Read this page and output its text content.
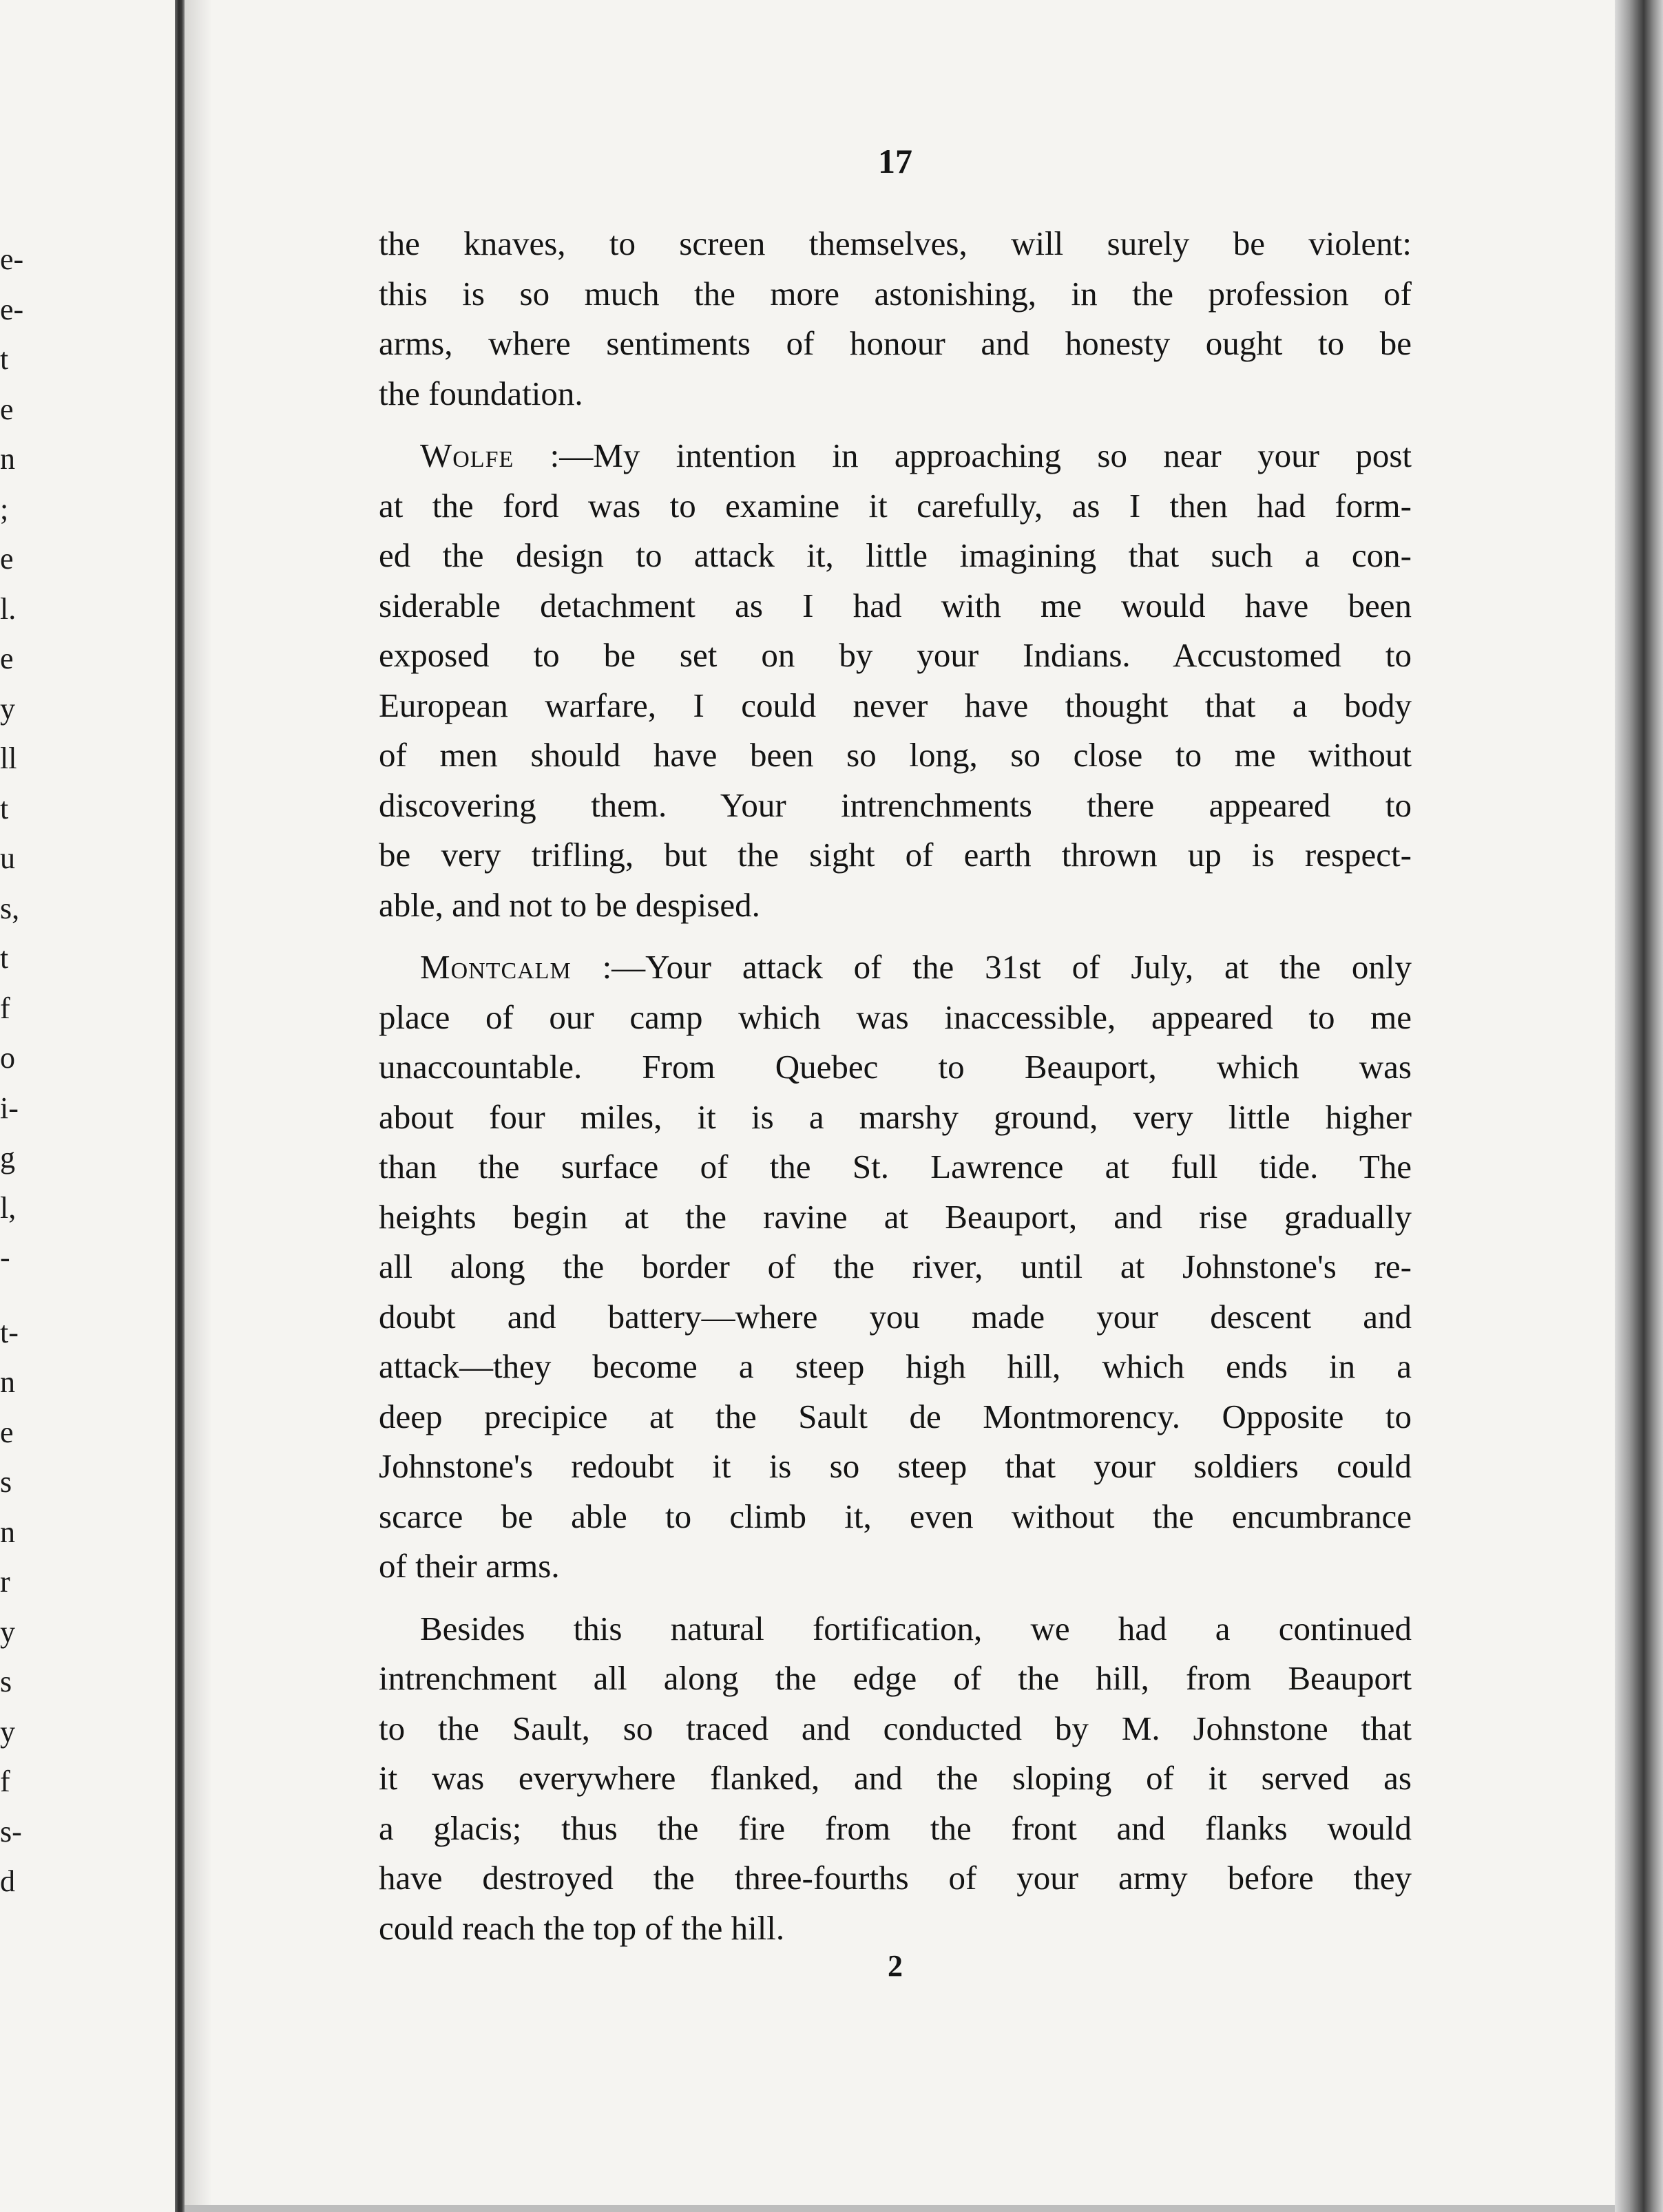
e-
e-
t
e
n
;
e
l.
e
y
ll
t
u
s,
t
f
o
i-
g
l,
-
t-
n
e
s
n
r
y
s
y
f
s-
d
17
the knaves, to screen themselves, will surely be violent:
this is so much the more astonishing, in the profession of
arms, where sentiments of honour and honesty ought to be
the foundation.
Wolfe :—My intention in approaching so near your post
at the ford was to examine it carefully, as I then had form-
ed the design to attack it, little imagining that such a con-
siderable detachment as I had with me would have been
exposed to be set on by your Indians. Accustomed to
European warfare, I could never have thought that a body
of men should have been so long, so close to me without
discovering them. Your intrenchments there appeared to
be very trifling, but the sight of earth thrown up is respect-
able, and not to be despised.
Montcalm :—Your attack of the 31st of July, at the only
place of our camp which was inaccessible, appeared to me
unaccountable. From Quebec to Beauport, which was
about four miles, it is a marshy ground, very little higher
than the surface of the St. Lawrence at full tide. The
heights begin at the ravine at Beauport, and rise gradually
all along the border of the river, until at Johnstone's re-
doubt and battery—where you made your descent and
attack—they become a steep high hill, which ends in a
deep precipice at the Sault de Montmorency. Opposite to
Johnstone's redoubt it is so steep that your soldiers could
scarce be able to climb it, even without the encumbrance
of their arms.
Besides this natural fortification, we had a continued
intrenchment all along the edge of the hill, from Beauport
to the Sault, so traced and conducted by M. Johnstone that
it was everywhere flanked, and the sloping of it served as
a glacis; thus the fire from the front and flanks would
have destroyed the three-fourths of your army before they
could reach the top of the hill.
2
